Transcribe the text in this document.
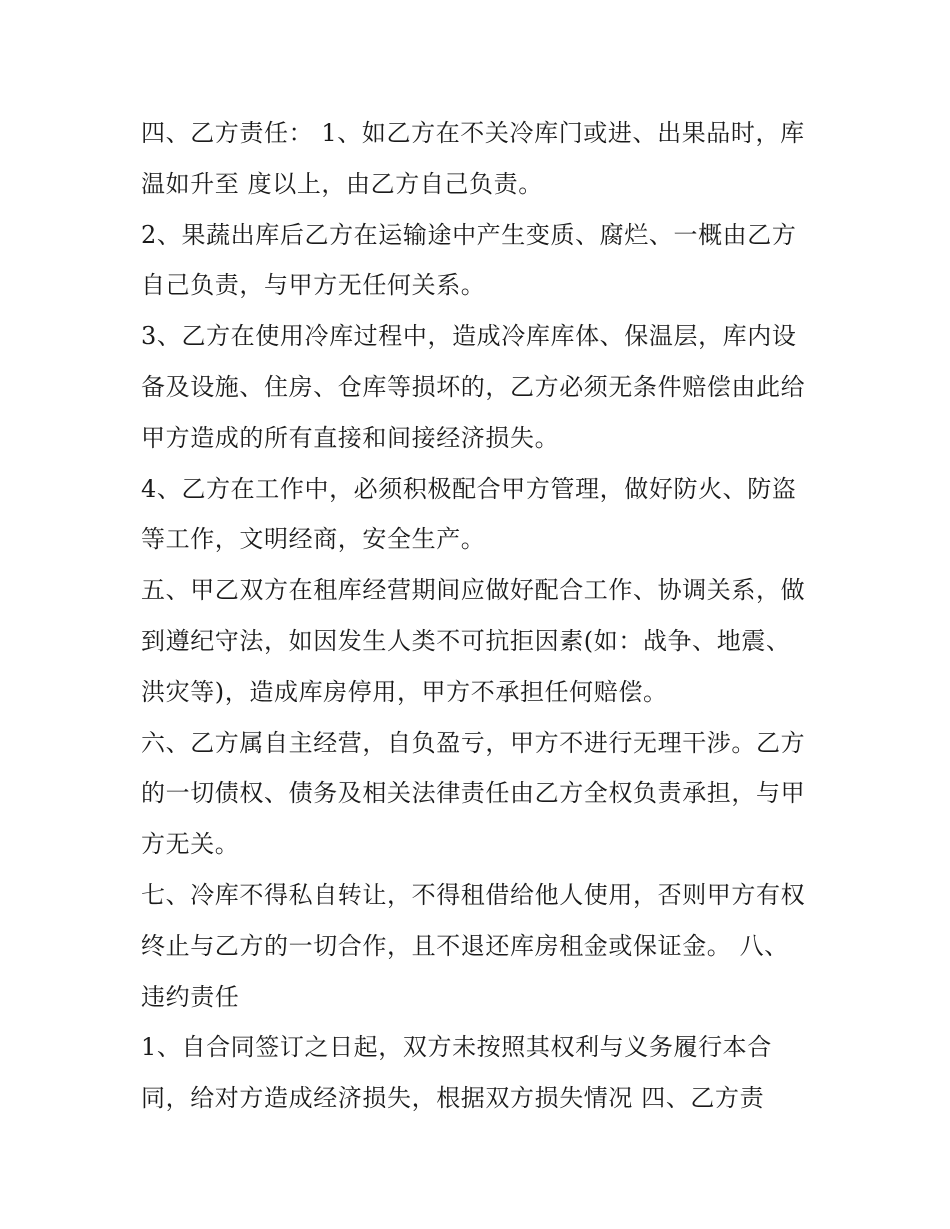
四、乙方责任： 1、如乙方在不关冷库门或进、出果品时，库
温如升至 度以上，由乙方自己负责。
2、果蔬出库后乙方在运输途中产生变质、腐烂、一概由乙方
自己负责，与甲方无任何关系。
3、乙方在使用冷库过程中，造成冷库库体、保温层，库内设
备及设施、住房、仓库等损坏的，乙方必须无条件赔偿由此给
甲方造成的所有直接和间接经济损失。
4、乙方在工作中，必须积极配合甲方管理，做好防火、防盗
等工作，文明经商，安全生产。
五、甲乙双方在租库经营期间应做好配合工作、协调关系，做
到遵纪守法，如因发生人类不可抗拒因素(如：战争、地震、
洪灾等)，造成库房停用，甲方不承担任何赔偿。
六、乙方属自主经营，自负盈亏，甲方不进行无理干涉。乙方
的一切债权、债务及相关法律责任由乙方全权负责承担，与甲
方无关。
七、冷库不得私自转让，不得租借给他人使用，否则甲方有权
终止与乙方的一切合作，且不退还库房租金或保证金。 八、
违约责任
1、自合同签订之日起，双方未按照其权利与义务履行本合
同，给对方造成经济损失，根据双方损失情况 四、乙方责
